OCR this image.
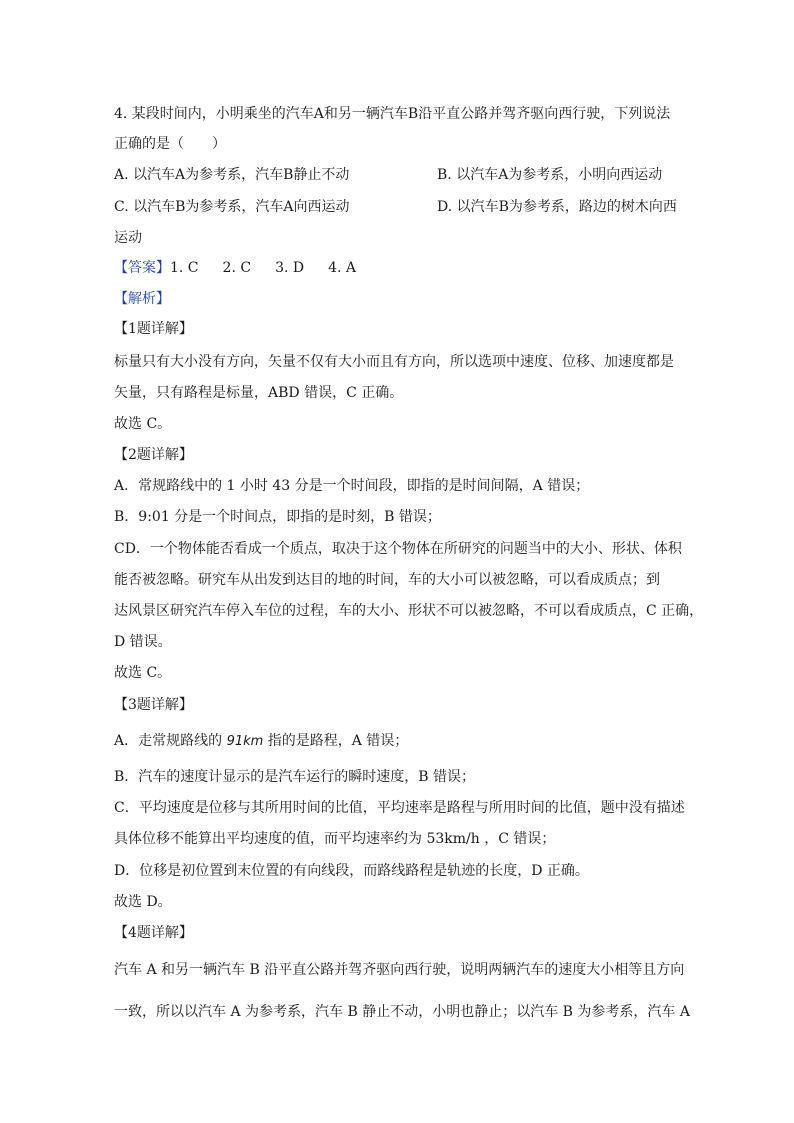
4. 某段时间内，小明乘坐的汽车A和另一辆汽车B沿平直公路并驾齐驱向西行驶，下列说法
正确的是（　　）
A. 以汽车A为参考系，汽车B静止不动	B. 以汽车A为参考系，小明向西运动
C. 以汽车B为参考系，汽车A向西运动	D. 以汽车B为参考系，路边的树木向西
运动
【答案】1. C 2. C 3. D 4. A
【解析】
【1题详解】
标量只有大小没有方向，矢量不仅有大小而且有方向，所以选项中速度、位移、加速度都是
矢量，只有路程是标量，ABD 错误，C 正确。
故选 C。
【2题详解】
A．常规路线中的 1 小时 43 分是一个时间段，即指的是时间间隔，A 错误；
B．9:01 分是一个时间点，即指的是时刻，B 错误；
CD．一个物体能否看成一个质点，取决于这个物体在所研究的问题当中的大小、形状、体积
能否被忽略。研究车从出发到达目的地的时间，车的大小可以被忽略，可以看成质点；到
达风景区研究汽车停入车位的过程，车的大小、形状不可以被忽略，不可以看成质点，C 正确，
D 错误。
故选 C。
【3题详解】
A．走常规路线的 91km 指的是路程，A 错误；
B．汽车的速度计显示的是汽车运行的瞬时速度，B 错误；
C．平均速度是位移与其所用时间的比值，平均速率是路程与所用时间的比值，题中没有描述
具体位移不能算出平均速度的值，而平均速率约为 53km/h ，C 错误；
D．位移是初位置到末位置的有向线段，而路线路程是轨迹的长度，D 正确。
故选 D。
【4题详解】
汽车 A 和另一辆汽车 B 沿平直公路并驾齐驱向西行驶，说明两辆汽车的速度大小相等且方向
一致，所以以汽车 A 为参考系，汽车 B 静止不动，小明也静止；以汽车 B 为参考系，汽车 A
